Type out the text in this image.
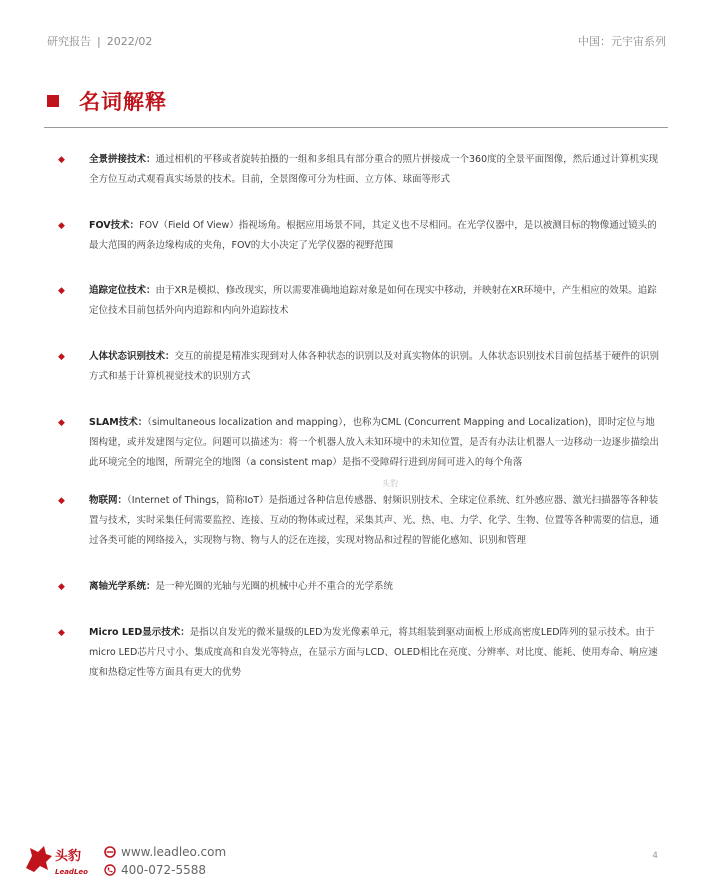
研究报告 | 2022/02	中国：元宇宙系列
名词解释
◆	全景拼接技术：通过相机的平移或者旋转拍摄的一组和多组具有部分重合的照片拼接成一个360度的全景平面图像，然后通过计算机实现全方位互动式观看真实场景的技术。目前，全景图像可分为柱面、立方体、球面等形式
◆	FOV技术：FOV（Field Of View）指视场角。根据应用场景不同，其定义也不尽相同。在光学仪器中，是以被测目标的物像通过镜头的最大范围的两条边缘构成的夹角，FOV的大小决定了光学仪器的视野范围
◆	追踪定位技术：由于XR是模拟、修改现实，所以需要准确地追踪对象是如何在现实中移动，并映射在XR环境中，产生相应的效果。追踪定位技术目前包括外向内追踪和内向外追踪技术
◆	人体状态识别技术：交互的前提是精准实现到对人体各种状态的识别以及对真实物体的识别。人体状态识别技术目前包括基于硬件的识别方式和基于计算机视觉技术的识别方式
◆	SLAM技术：（simultaneous localization and mapping），也称为CML (Concurrent Mapping and Localization)，即时定位与地图构建，或并发建图与定位。问题可以描述为：将一个机器人放入未知环境中的未知位置，是否有办法让机器人一边移动一边逐步描绘出此环境完全的地图，所谓完全的地图（a consistent map）是指不受障碍行进到房间可进入的每个角落
头豹
◆	物联网：（Internet of Things，简称IoT）是指通过各种信息传感器、射频识别技术、全球定位系统、红外感应器、激光扫描器等各种装置与技术，实时采集任何需要监控、连接、互动的物体或过程，采集其声、光、热、电、力学、化学、生物、位置等各种需要的信息，通过各类可能的网络接入，实现物与物、物与人的泛在连接，实现对物品和过程的智能化感知、识别和管理
◆	离轴光学系统：是一种光圈的光轴与光圈的机械中心并不重合的光学系统
◆	Micro LED显示技术：是指以自发光的微米量级的LED为发光像素单元，将其组装到驱动面板上形成高密度LED阵列的显示技术。由于micro LED芯片尺寸小、集成度高和自发光等特点，在显示方面与LCD、OLED相比在亮度、分辨率、对比度、能耗、使用寿命、响应速度和热稳定性等方面具有更大的优势
头豹
LeadLeo
www.leadleo.com
400-072-5588
4
